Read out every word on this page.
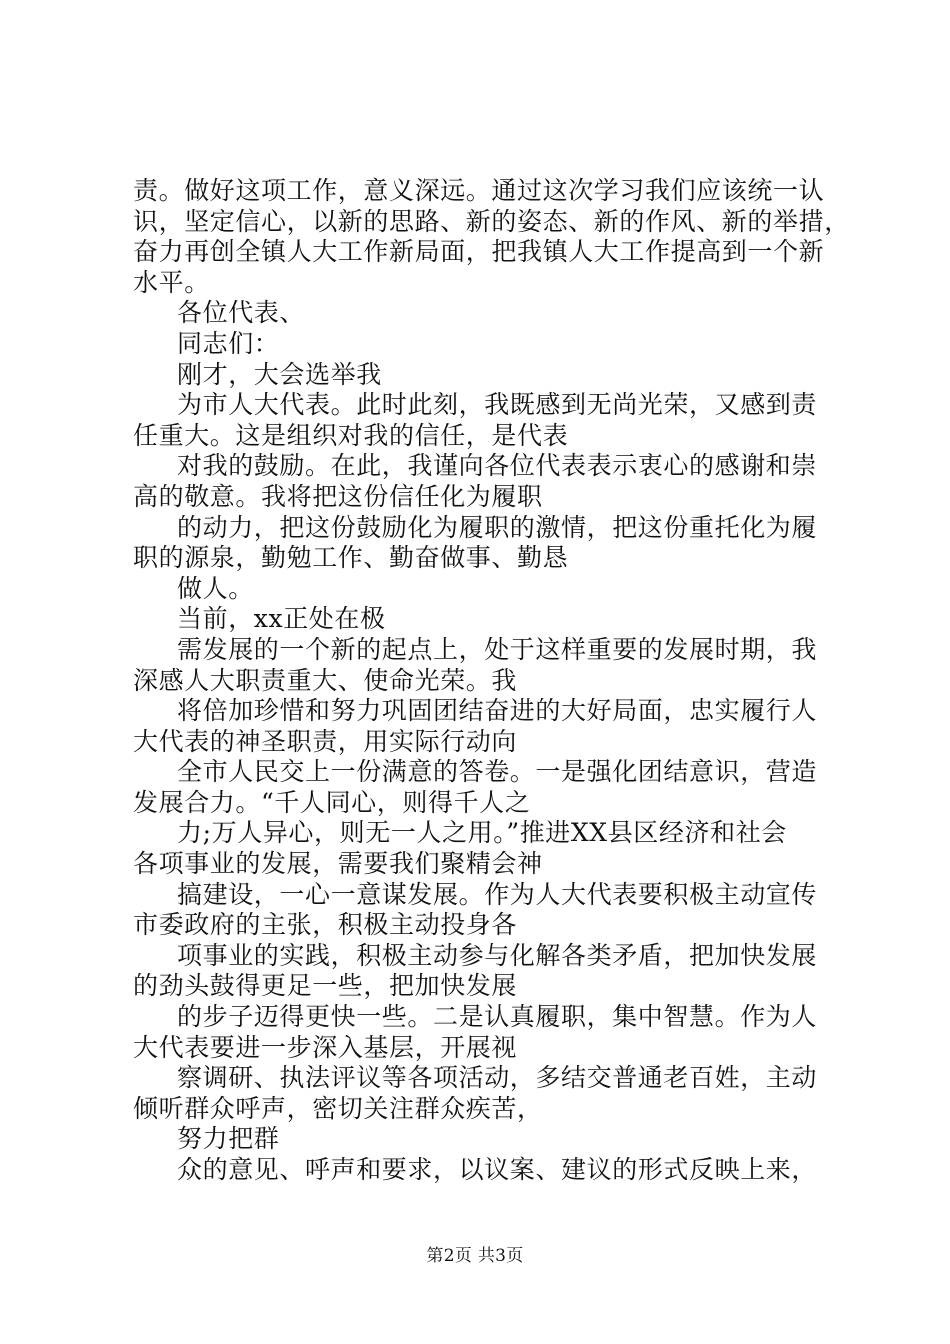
责。做好这项工作，意义深远。通过这次学习我们应该统一认
识，坚定信心，以新的思路、新的姿态、新的作风、新的举措，
奋力再创全镇人大工作新局面，把我镇人大工作提高到一个新
水平。
各位代表、
同志们：
刚才，大会选举我
为市人大代表。此时此刻，我既感到无尚光荣，又感到责
任重大。这是组织对我的信任，是代表
对我的鼓励。在此，我谨向各位代表表示衷心的感谢和崇
高的敬意。我将把这份信任化为履职
的动力，把这份鼓励化为履职的激情，把这份重托化为履
职的源泉，勤勉工作、勤奋做事、勤恳
做人。
当前，xx正处在极
需发展的一个新的起点上，处于这样重要的发展时期，我
深感人大职责重大、使命光荣。我
将倍加珍惜和努力巩固团结奋进的大好局面，忠实履行人
大代表的神圣职责，用实际行动向
全市人民交上一份满意的答卷。一是强化团结意识，营造
发展合力。“千人同心，则得千人之
力;万人异心，则无一人之用。”推进XX县区经济和社会
各项事业的发展，需要我们聚精会神
搞建设，一心一意谋发展。作为人大代表要积极主动宣传
市委政府的主张，积极主动投身各
项事业的实践，积极主动参与化解各类矛盾，把加快发展
的劲头鼓得更足一些，把加快发展
的步子迈得更快一些。二是认真履职，集中智慧。作为人
大代表要进一步深入基层，开展视
察调研、执法评议等各项活动，多结交普通老百姓，主动
倾听群众呼声，密切关注群众疾苦，
努力把群
众的意见、呼声和要求，以议案、建议的形式反映上来，
第2页 共3页
